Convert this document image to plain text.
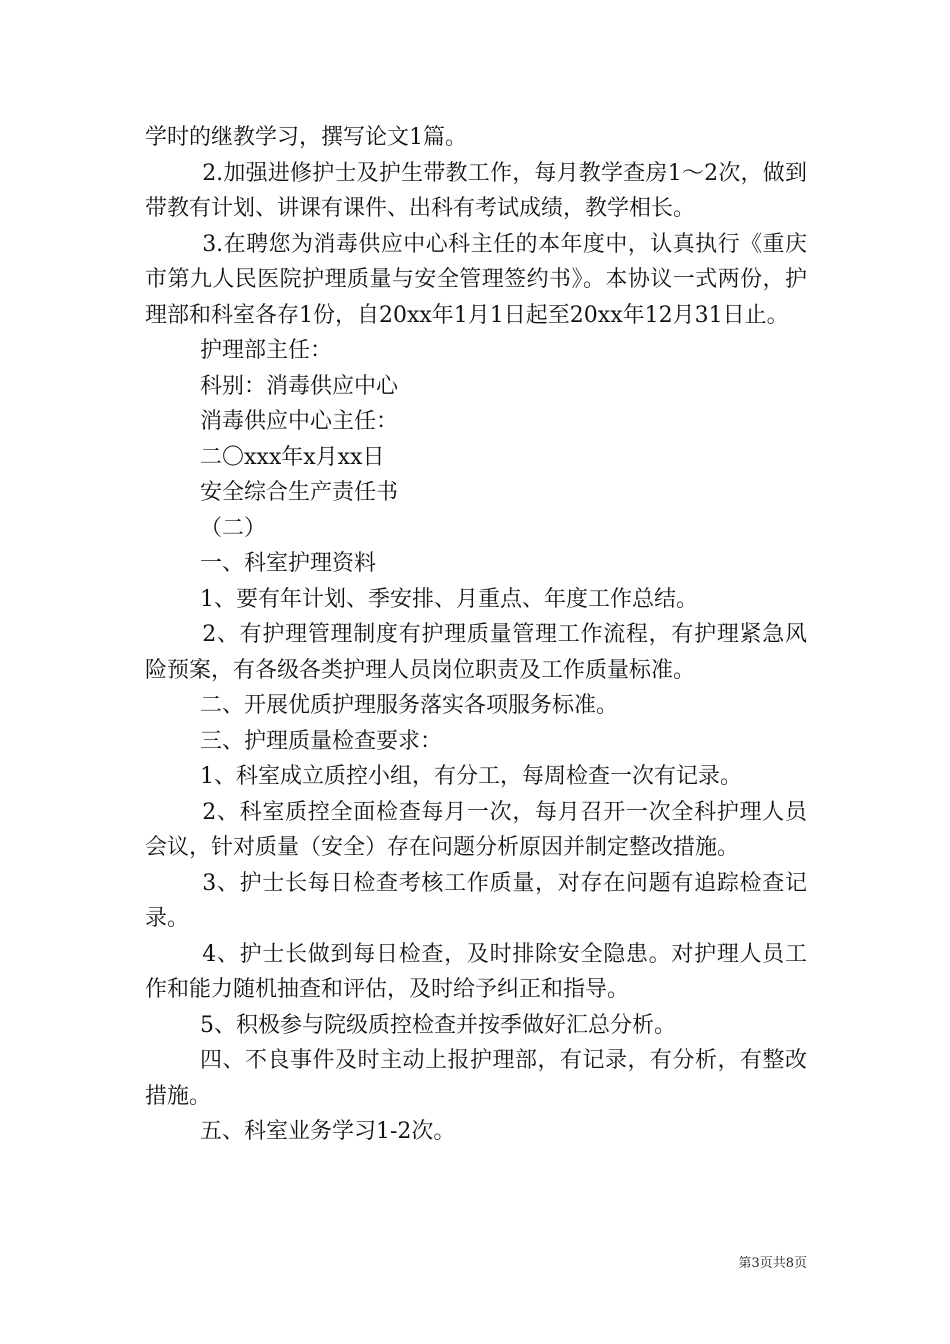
学时的继教学习，撰写论文1篇。

2.加强进修护士及护生带教工作，每月教学查房1～2次，做到带教有计划、讲课有课件、出科有考试成绩，教学相长。

3.在聘您为消毒供应中心科主任的本年度中，认真执行《重庆市第九人民医院护理质量与安全管理签约书》。本协议一式两份，护理部和科室各存1份，自20xx年1月1日起至20xx年12月31日止。

护理部主任：

科别：消毒供应中心

消毒供应中心主任：

二〇xxx年x月xx日

安全综合生产责任书

（二）

一、科室护理资料

1、要有年计划、季安排、月重点、年度工作总结。

2、有护理管理制度有护理质量管理工作流程，有护理紧急风险预案，有各级各类护理人员岗位职责及工作质量标准。

二、开展优质护理服务落实各项服务标准。

三、护理质量检查要求：

1、科室成立质控小组，有分工，每周检查一次有记录。

2、科室质控全面检查每月一次，每月召开一次全科护理人员会议，针对质量（安全）存在问题分析原因并制定整改措施。

3、护士长每日检查考核工作质量，对存在问题有追踪检查记录。

4、护士长做到每日检查，及时排除安全隐患。对护理人员工作和能力随机抽查和评估，及时给予纠正和指导。

5、积极参与院级质控检查并按季做好汇总分析。

四、不良事件及时主动上报护理部，有记录，有分析，有整改措施。

五、科室业务学习1-2次。

第3页共8页
